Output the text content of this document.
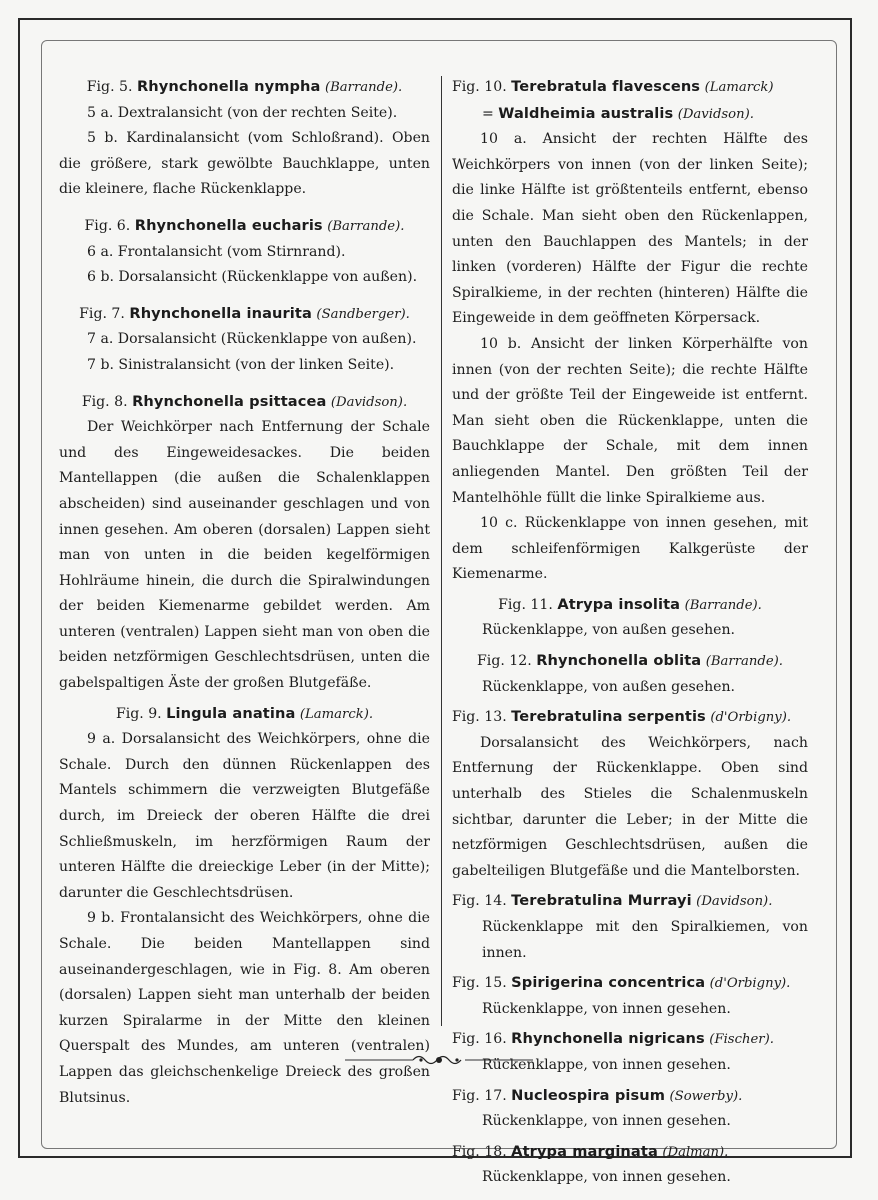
Fig. 5. Rhynchonella nympha (Barrande).

5 a. Dextralansicht (von der rechten Seite).

5 b. Kardinalansicht (vom Schloßrand). Oben die größere, stark gewölbte Bauchklappe, unten die kleinere, flache Rückenklappe.

Fig. 6. Rhynchonella eucharis (Barrande).

6 a. Frontalansicht (vom Stirnrand).

6 b. Dorsalansicht (Rückenklappe von außen).

Fig. 7. Rhynchonella inaurita (Sandberger).

7 a. Dorsalansicht (Rückenklappe von außen).

7 b. Sinistralansicht (von der linken Seite).

Fig. 8. Rhynchonella psittacea (Davidson).

Der Weichkörper nach Entfernung der Schale und des Eingeweidesackes. Die beiden Mantellappen (die außen die Schalenklappen abscheiden) sind auseinander geschlagen und von innen gesehen. Am oberen (dorsalen) Lappen sieht man von unten in die beiden kegelförmigen Hohlräume hinein, die durch die Spiralwindungen der beiden Kiemenarme gebildet werden. Am unteren (ventralen) Lappen sieht man von oben die beiden netzförmigen Geschlechtsdrüsen, unten die gabelspaltigen Äste der großen Blutgefäße.

Fig. 9. Lingula anatina (Lamarck).

9 a. Dorsalansicht des Weichkörpers, ohne die Schale. Durch den dünnen Rückenlappen des Mantels schimmern die verzweigten Blutgefäße durch, im Dreieck der oberen Hälfte die drei Schließmuskeln, im herzförmigen Raum der unteren Hälfte die dreieckige Leber (in der Mitte); darunter die Geschlechtsdrüsen.

9 b. Frontalansicht des Weichkörpers, ohne die Schale. Die beiden Mantellappen sind auseinandergeschlagen, wie in Fig. 8. Am oberen (dorsalen) Lappen sieht man unterhalb der beiden kurzen Spiralarme in der Mitte den kleinen Querspalt des Mundes, am unteren (ventralen) Lappen das gleichschenkelige Dreieck des großen Blutsinus.

Fig. 10. Terebratula flavescens (Lamarck)
= Waldheimia australis (Davidson).

10 a. Ansicht der rechten Hälfte des Weichkörpers von innen (von der linken Seite); die linke Hälfte ist größtenteils entfernt, ebenso die Schale. Man sieht oben den Rückenlappen, unten den Bauchlappen des Mantels; in der linken (vorderen) Hälfte der Figur die rechte Spiralkieme, in der rechten (hinteren) Hälfte die Eingeweide in dem geöffneten Körpersack.

10 b. Ansicht der linken Körperhälfte von innen (von der rechten Seite); die rechte Hälfte und der größte Teil der Eingeweide ist entfernt. Man sieht oben die Rückenklappe, unten die Bauchklappe der Schale, mit dem innen anliegenden Mantel. Den größten Teil der Mantelhöhle füllt die linke Spiralkieme aus.

10 c. Rückenklappe von innen gesehen, mit dem schleifenförmigen Kalkgerüste der Kiemenarme.

Fig. 11. Atrypa insolita (Barrande).

Rückenklappe, von außen gesehen.

Fig. 12. Rhynchonella oblita (Barrande).

Rückenklappe, von außen gesehen.

Fig. 13. Terebratulina serpentis (d'Orbigny).

Dorsalansicht des Weichkörpers, nach Entfernung der Rückenklappe. Oben sind unterhalb des Stieles die Schalenmuskeln sichtbar, darunter die Leber; in der Mitte die netzförmigen Geschlechtsdrüsen, außen die gabelteiligen Blutgefäße und die Mantelborsten.

Fig. 14. Terebratulina Murrayi (Davidson).

Rückenklappe mit den Spiralkiemen, von innen.

Fig. 15. Spirigerina concentrica (d'Orbigny).

Rückenklappe, von innen gesehen.

Fig. 16. Rhynchonella nigricans (Fischer).

Rückenklappe, von innen gesehen.

Fig. 17. Nucleospira pisum (Sowerby).

Rückenklappe, von innen gesehen.

Fig. 18. Atrypa marginata (Dalman).

Rückenklappe, von innen gesehen.
